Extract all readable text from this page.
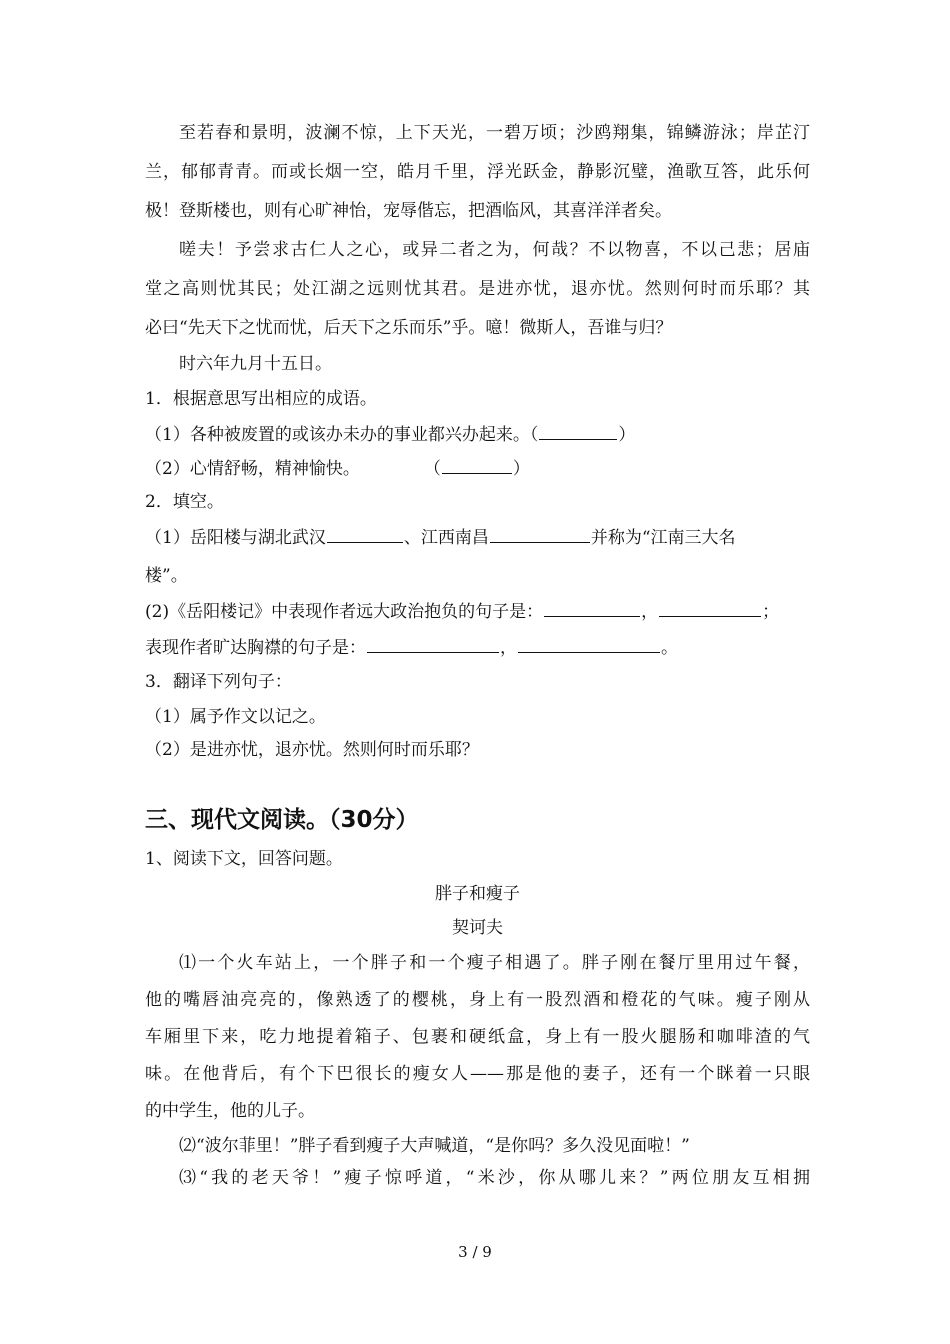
至若春和景明，波澜不惊，上下天光，一碧万顷；沙鸥翔集，锦鳞游泳；岸芷汀
兰，郁郁青青。而或长烟一空，皓月千里，浮光跃金，静影沉璧，渔歌互答，此乐何
极！登斯楼也，则有心旷神怡，宠辱偕忘，把酒临风，其喜洋洋者矣。
嗟夫！予尝求古仁人之心，或异二者之为，何哉？不以物喜，不以己悲；居庙
堂之高则忧其民；处江湖之远则忧其君。是进亦忧，退亦忧。然则何时而乐耶？其
必曰“先天下之忧而忧，后天下之乐而乐”乎。噫！微斯人，吾谁与归？
时六年九月十五日。
1．根据意思写出相应的成语。
（1）各种被废置的或该办未办的事业都兴办起来。（	）
（2）心情舒畅，精神愉快。	（	）
2．填空。
（1）岳阳楼与湖北武汉	、江西南昌	并称为“江南三大名
楼”。
(2)《岳阳楼记》中表现作者远大政治抱负的句子是：	，	；
表现作者旷达胸襟的句子是：	，	。
3．翻译下列句子：
（1）属予作文以记之。
（2）是进亦忧，退亦忧。然则何时而乐耶？
三、现代文阅读。（30分）
1、阅读下文，回答问题。
胖子和瘦子
契诃夫
⑴一个火车站上，一个胖子和一个瘦子相遇了。胖子刚在餐厅里用过午餐，
他的嘴唇油亮亮的，像熟透了的樱桃，身上有一股烈酒和橙花的气味。瘦子刚从
车厢里下来，吃力地提着箱子、包裹和硬纸盒，身上有一股火腿肠和咖啡渣的气
味。在他背后，有个下巴很长的瘦女人——那是他的妻子，还有一个眯着一只眼
的中学生，他的儿子。
⑵“波尔菲里！”胖子看到瘦子大声喊道，“是你吗？多久没见面啦！”
⑶“我的老天爷！”瘦子惊呼道，“米沙，你从哪儿来？”两位朋友互相拥
3 / 9
